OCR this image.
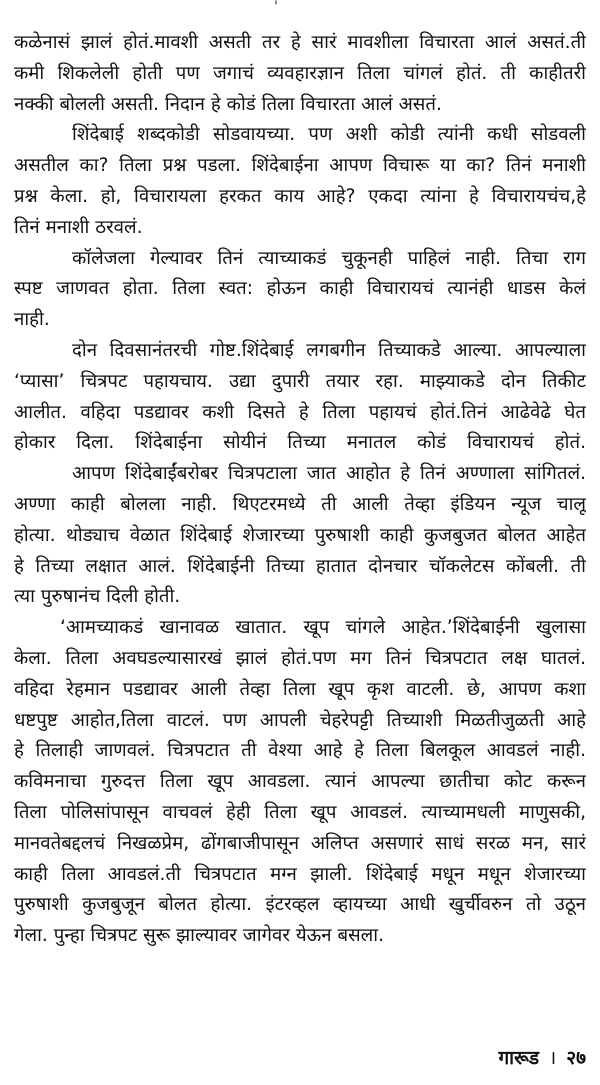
'
कळेनासं झालं होतं.मावशी असती तर हे सारं मावशीला विचारता आलं असतं.ती
कमी शिकलेली होती पण जगाचं व्यवहारज्ञान तिला चांगलं होतं. ती काहीतरी
नक्की बोलली असती. निदान हे कोडं तिला विचारता आलं असतं.
शिंदेबाई शब्दकोडी सोडवायच्या. पण अशी कोडी त्यांनी कधी सोडवली
असतील का? तिला प्रश्न पडला. शिंदेबाईना आपण विचारू या का? तिनं मनाशी
प्रश्न केला. हो, विचारायला हरकत काय आहे? एकदा त्यांना हे विचारायचंच,हे
तिनं मनाशी ठरवलं.
कॉलेजला गेल्यावर तिनं त्याच्याकडं चुकूनही पाहिलं नाही. तिचा राग
स्पष्ट जाणवत होता. तिला स्वत: होऊन काही विचारायचं त्यानंही धाडस केलं
नाही.
दोन दिवसानंतरची गोष्ट.शिंदेबाई लगबगीन तिच्याकडे आल्या. आपल्याला
‘प्यासा’ चित्रपट पहायचाय. उद्या दुपारी तयार रहा. माझ्याकडे दोन तिकीट
आलीत. वहिदा पडद्यावर कशी दिसते हे तिला पहायचं होतं.तिनं आढेवेढे घेत
होकार दिला. शिंदेबाईना सोयीनं तिच्या मनातल कोडं विचारायचं होतं.
आपण शिंदेबाईंबरोबर चित्रपटाला जात आहोत हे तिनं अण्णाला सांगितलं.
अण्णा काही बोलला नाही. थिएटरमध्ये ती आली तेव्हा इंडियन न्यूज चालू
होत्या. थोड्याच वेळात शिंदेबाई शेजारच्या पुरुषाशी काही कुजबुजत बोलत आहेत
हे तिच्या लक्षात आलं. शिंदेबाईनी तिच्या हातात दोनचार चॉकलेटस कोंबली. ती
त्या पुरुषानंच दिली होती.
‘आमच्याकडं खानावळ खातात. खूप चांगले आहेत.’शिंदेबाईनी खुलासा
केला. तिला अवघडल्यासारखं झालं होतं.पण मग तिनं चित्रपटात लक्ष घातलं.
वहिदा रेहमान पडद्यावर आली तेव्हा तिला खूप कृश वाटली. छे, आपण कशा
धष्टपुष्ट आहोत,तिला वाटलं. पण आपली चेहरेपट्टी तिच्याशी मिळतीजुळती आहे
हे तिलाही जाणवलं. चित्रपटात ती वेश्या आहे हे तिला बिलकूल आवडलं नाही.
कविमनाचा गुरुदत्त तिला खूप आवडला. त्यानं आपल्या छातीचा कोट करून
तिला पोलिसांपासून वाचवलं हेही तिला खूप आवडलं. त्याच्यामधली माणुसकी,
मानवतेबद्दलचं निखळप्रेम, ढोंगबाजीपासून अलिप्त असणारं साधं सरळ मन, सारं
काही तिला आवडलं.ती चित्रपटात मग्न झाली. शिंदेबाई मधून मधून शेजारच्या
पुरुषाशी कुजबुजून बोलत होत्या. इंटरव्हल व्हायच्या आधी खुर्चीवरुन तो उठून
गेला. पुन्हा चित्रपट सुरू झाल्यावर जागेवर येऊन बसला.
गारूड । २७
